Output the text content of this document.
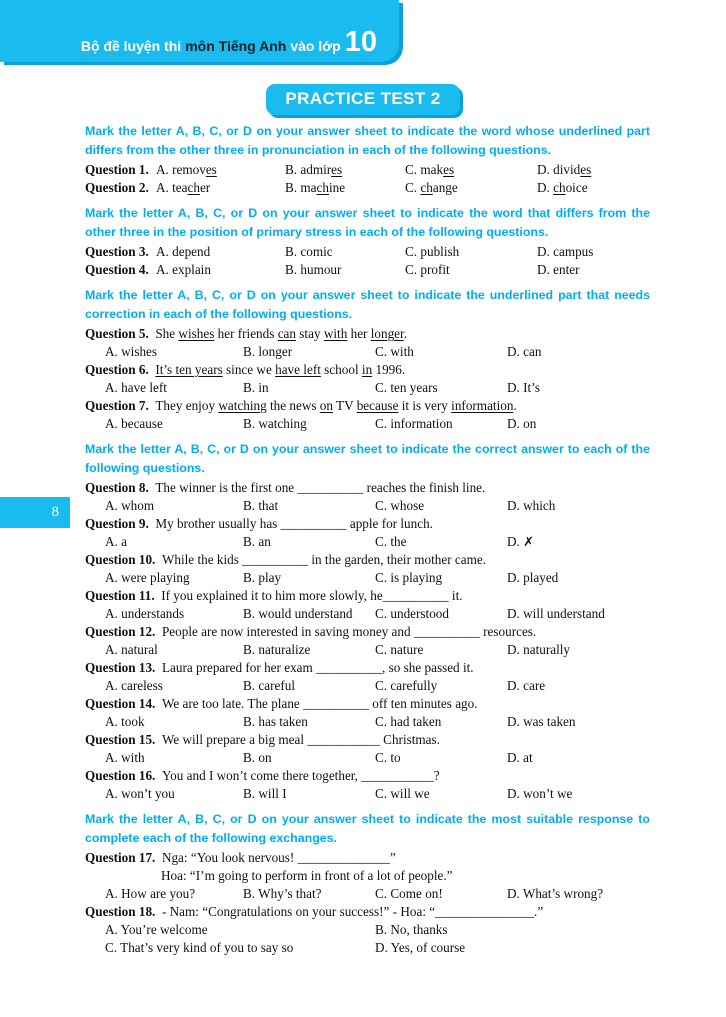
Bộ đề luyện thi môn Tiếng Anh vào lớp 10
8
PRACTICE TEST 2
Mark the letter A, B, C, or D on your answer sheet to indicate the word whose underlined part differs from the other three in pronunciation in each of the following questions.
Question 1. A. removes	B. admires	C. makes	D. divides
Question 2. A. teacher	B. machine	C. change	D. choice
Mark the letter A, B, C, or D on your answer sheet to indicate the word that differs from the other three in the position of primary stress in each of the following questions.
Question 3. A. depend	B. comic	C. publish	D. campus
Question 4. A. explain	B. humour	C. profit	D. enter
Mark the letter A, B, C, or D on your answer sheet to indicate the underlined part that needs correction in each of the following questions.
Question 5.  She wishes her friends can stay with her longer.
A. wishes	B. longer	C. with	D. can
Question 6.  It’s ten years since we have left school in 1996.
A. have left	B. in	C. ten years	D. It’s
Question 7.  They enjoy watching the news on TV because it is very information.
A. because	B. watching	C. information	D. on
Mark the letter A, B, C, or D on your answer sheet to indicate the correct answer to each of the following questions.
Question 8.  The winner is the first one __________ reaches the finish line.
A. whom	B. that	C. whose	D. which
Question 9.  My brother usually has __________ apple for lunch.
A. a	B. an	C. the	D. ✗
Question 10.  While the kids __________ in the garden, their mother came.
A. were playing	B. play	C. is playing	D. played
Question 11.  If you explained it to him more slowly, he__________ it.
A. understands	B. would understand	C. understood	D. will understand
Question 12.  People are now interested in saving money and __________ resources.
A. natural	B. naturalize	C. nature	D. naturally
Question 13.  Laura prepared for her exam __________, so she passed it.
A. careless	B. careful	C. carefully	D. care
Question 14.  We are too late. The plane __________ off ten minutes ago.
A. took	B. has taken	C. had taken	D. was taken
Question 15.  We will prepare a big meal ___________ Christmas.
A. with	B. on	C. to	D. at
Question 16.  You and I won’t come there together, ___________?
A. won’t you	B. will I	C. will we	D. won’t we
Mark the letter A, B, C, or D on your answer sheet to indicate the most suitable response to complete each of the following exchanges.
Question 17.  Nga: “You look nervous! ______________”
Hoa: “I’m going to perform in front of a lot of people.”
A. How are you?	B. Why’s that?	C. Come on!	D. What’s wrong?
Question 18.  - Nam: “Congratulations on your success!” - Hoa: “_______________.”
A. You’re welcome	B. No, thanks
C. That’s very kind of you to say so	D. Yes, of course
